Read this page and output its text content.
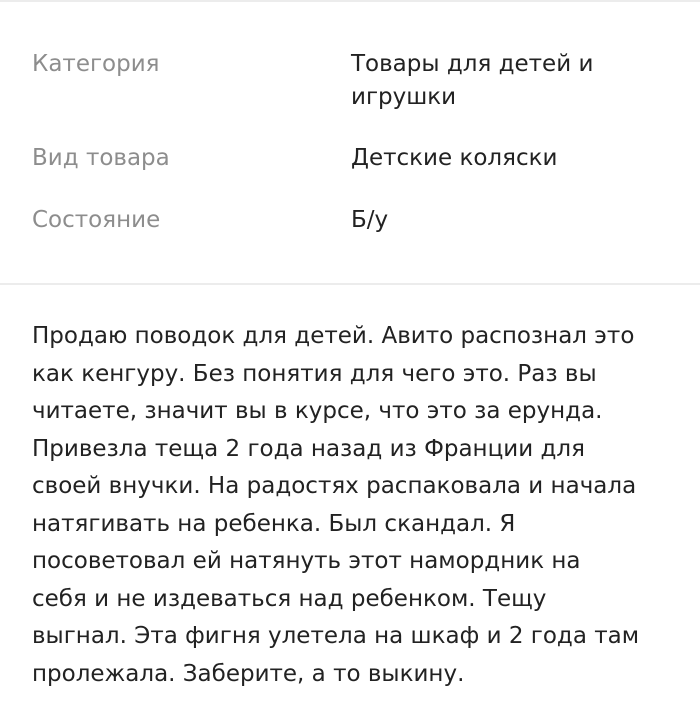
Категория	Товары для детей и игрушки
Вид товара	Детские коляски
Состояние	Б/у
Продаю поводок для детей. Авито распознал это
как кенгуру. Без понятия для чего это. Раз вы
читаете, значит вы в курсе, что это за ерунда.
Привезла теща 2 года назад из Франции для
своей внучки. На радостях распаковала и начала
натягивать на ребенка. Был скандал. Я
посоветовал ей натянуть этот намордник на
себя и не издеваться над ребенком. Тещу
выгнал. Эта фигня улетела на шкаф и 2 года там
пролежала. Заберите, а то выкину.
